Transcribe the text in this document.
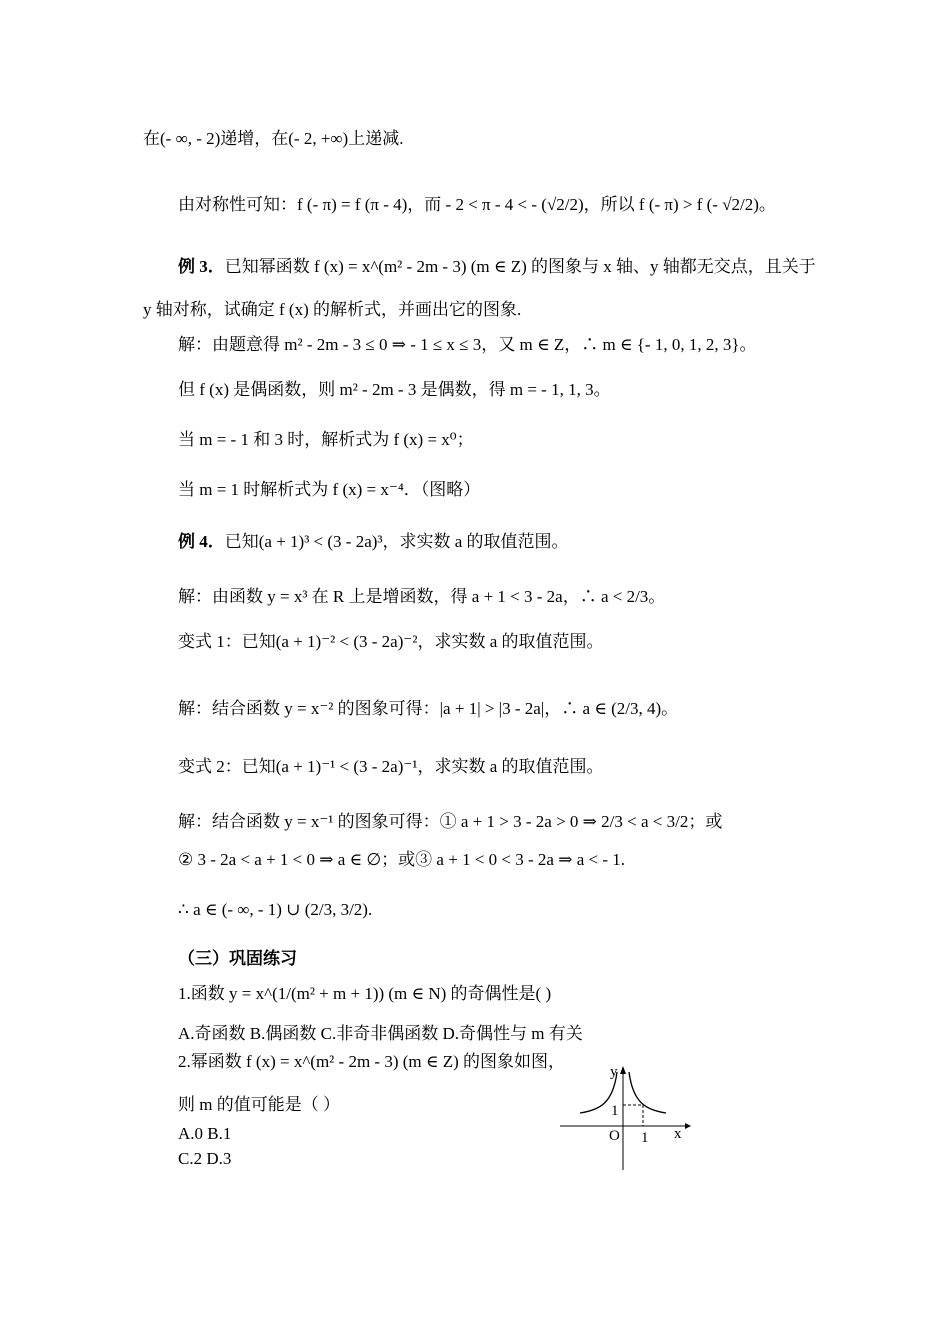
在(- ∞, - 2)递增，在(- 2, +∞)上递减.
由对称性可知：f (- π) = f (π - 4)，而 - 2 < π - 4 < - (√2/2)，所以 f (- π) > f (- √2/2)。
例 3．已知幂函数 f (x) = x^(m² - 2m - 3) (m ∈ Z) 的图象与 x 轴、y 轴都无交点，且关于
y 轴对称，试确定 f (x) 的解析式，并画出它的图象.
解：由题意得 m² - 2m - 3 ≤ 0 ⇒ - 1 ≤ x ≤ 3，又 m ∈ Z，∴ m ∈ {- 1, 0, 1, 2, 3}。
但 f (x) 是偶函数，则 m² - 2m - 3 是偶数，得 m = - 1, 1, 3。
当 m = - 1 和 3 时，解析式为 f (x) = x⁰；
当 m = 1 时解析式为 f (x) = x⁻⁴．（图略）
例 4．已知(a + 1)³ < (3 - 2a)³，求实数 a 的取值范围。
解：由函数 y = x³ 在 R 上是增函数，得 a + 1 < 3 - 2a，∴ a < 2/3。
变式 1：已知(a + 1)⁻² < (3 - 2a)⁻²，求实数 a 的取值范围。
解：结合函数 y = x⁻² 的图象可得：|a + 1| > |3 - 2a|，∴ a ∈ (2/3, 4)。
变式 2：已知(a + 1)⁻¹ < (3 - 2a)⁻¹，求实数 a 的取值范围。
解：结合函数 y = x⁻¹ 的图象可得：① a + 1 > 3 - 2a > 0 ⇒ 2/3 < a < 3/2；或
② 3 - 2a < a + 1 < 0 ⇒ a ∈ ∅；或③ a + 1 < 0 < 3 - 2a ⇒ a < - 1.
∴ a ∈ (- ∞, - 1) ∪ (2/3, 3/2).
（三）巩固练习
1.函数 y = x^(1/(m² + m + 1)) (m ∈ N) 的奇偶性是( )
A.奇函数 B.偶函数 C.非奇非偶函数 D.奇偶性与 m 有关
2.幂函数 f (x) = x^(m² - 2m - 3) (m ∈ Z) 的图象如图，
则 m 的值可能是（ ）
A.0 B.1
C.2 D.3
y
x
O
1
1
